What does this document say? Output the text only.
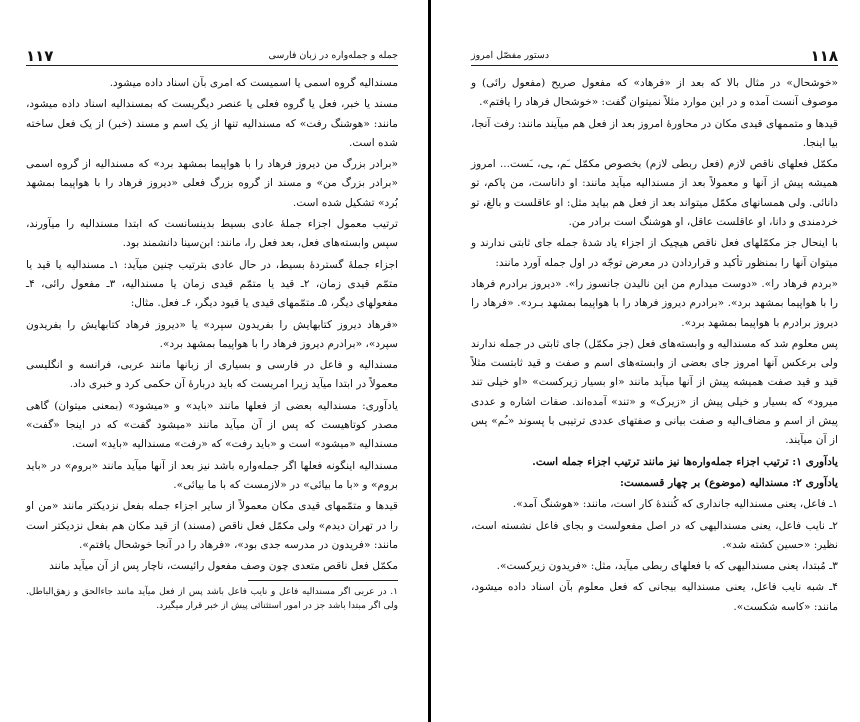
جمله و جمله‌واره در زبان فارسی
۱۱۷

مسندالیه گروه اسمی یا اسمیست که امری بآن اسناد داده میشود.

مسند یا خبر، فعل یا گروه فعلی یا عنصر دیگریست که بمسندالیه اسناد داده میشود، مانند: «هوشنگ رفت» که مسندالیه تنها از یک اسم و مسند (خبر) از یک فعل ساخته شده است.

«برادر بزرگ من دیروز فرهاد را با هواپیما بمشهد برد» که مسندالیه از گروه اسمی «برادر بزرگ من» و مسند از گروه بزرگ فعلی «دیروز فرهاد را با هواپیما بمشهد بُرد» تشکیل شده است.

ترتیب معمول اجزاء جملهٔ عادی بسیط بدینسانست که ابتدا مسندالیه را میآورند، سپس وابسته‌های فعل، بعد فعل را، مانند: ابن‌سینا دانشمند بود.

اجزاء جملهٔ گستردهٔ بسیط، در حال عادی بترتیب چنین میآید: ۱ـ مسندالیه یا قید یا متمّم قیدی زمان، ۲ـ قید یا متمّم قیدی زمان یا مسندالیه، ۳ـ مفعول رائی، ۴ـ مفعولهای دیگر، ۵ـ متمّمهای قیدی یا قیود دیگر، ۶ـ فعل. مثال:

«فرهاد دیروز کتابهایش را بفریدون سپرد» یا «دیروز فرهاد کتابهایش را بفریدون سپرد»، «برادرم دیروز فرهاد را با هواپیما بمشهد برد».

مسندالیه و فاعل در فارسی و بسیاری از زبانها مانند عربی، فرانسه و انگلیسی معمولاً در ابتدا میآید زیرا امریست که باید دربارهٔ آن حکمی کرد و خبری داد.

یادآوری: مسندالیه بعضی از فعلها مانند «باید» و «میشود» (بمعنی میتوان) گاهی مصدر کوتاهیست که پس از آن میآید مانند «میشود گفت» که در اینجا «گفت» مسندالیه «میشود» است و «باید رفت» که «رفت» مسندالیه «باید» است.

مسندالیه اینگونه فعلها اگر جمله‌واره باشد نیز بعد از آنها میآید مانند «بروم» در «باید بروم» و «با ما بیائی» در «لازمست که با ما بیائی».

قیدها و متمّمهای قیدی مکان معمولاً از سایر اجزاء جمله بفعل نزدیکتر مانند «من او را در تهران دیدم» ولی مکمّل فعل ناقص (مسند) از قید مکان هم بفعل نزدیکتر است مانند: «فریدون در مدرسه جدی بود»، «فرهاد را در آنجا خوشحال یافتم».

مکمّل فعل ناقص متعدی چون وصف مفعول رائیست، ناچار پس از آن میآید مانند

۱. در عربی اگر مسندالیه فاعل و نایب فاعل باشد پس از فعل میآید مانند جاءالحق و زهق‌الباطل. ولی اگر مبتدا باشد جز در امور استثنائی پیش از خبر قرار میگیرد.
۱۱۸
دستور مفصّل امروز

«خوشحال» در مثال بالا که بعد از «فرهاد» که مفعول صریح (مفعول رائی) و موصوف آنست آمده و در این موارد مثلاً نمیتوان گفت: «خوشحال فرهاد را یافتم».

قیدها و متممهای قیدی مکان در محاورهٔ امروز بعد از فعل هم میآیند مانند: رفت آنجا، بیا اینجا.

مکمّل فعلهای ناقص لازم (فعل ربطی لازم) بخصوص مکمّل ـَم، ـِی، ـَست... امروز همیشه پیش از آنها و معمولاً بعد از مسندالیه میآید مانند: او داناست، من پاکم، تو دانائی. ولی همسانهای مکمّل میتواند بعد از فعل هم بیاید مثل: او عاقلست و بالغ، تو خردمندی و دانا، او عاقلست عاقل، او هوشنگ است برادر من.

با اینحال جز مکمّلهای فعل ناقص هیچیک از اجزاء یاد شدهٔ جمله جای ثابتی ندارند و میتوان آنها را بمنظور تأکید و قراردادن در معرض توجّه در اول جمله آورد مانند:

«بردم فرهاد را». «دوست میدارم من این نالیدن جانسوز را». «دیروز برادرم فرهاد را با هواپیما بمشهد برد». «برادرم دیروز فرهاد را با هواپیما بمشهد بـرد». «فرهاد را دیروز برادرم با هواپیما بمشهد برد».

پس معلوم شد که مسندالیه و وابسته‌های فعل (جز مکمّل) جای ثابتی در جمله ندارند ولی برعکس آنها امروز جای بعضی از وابسته‌های اسم و صفت و قید ثابتست مثلاً قید و قید صفت همیشه پیش از آنها میآید مانند «او بسیار زیرکست» «او خیلی تند میرود» که بسیار و خیلی پیش از «زیرک» و «تند» آمده‌اند. صفات اشاره و عددی پیش از اسم و مضاف‌الیه و صفت بیانی و صفتهای عددی ترتیبی با پسوند «ـُم» پس از آن میآیند.

یادآوری ۱: ترتیب اجزاء جمله‌واره‌ها نیز مانند ترتیب اجزاء جمله است.

یادآوری ۲: مسندالیه (موضوع) بر چهار قسمست:

۱ـ فاعل، یعنی مسندالیه جانداری که کُنندهٔ کار است، مانند: «هوشنگ آمد».

۲ـ نایب فاعل، یعنی مسندالیهی که در اصل مفعولست و بجای فاعل نشسته است، نظیر: «حسین کشته شد».

۳ـ مُبتدا، یعنی مسندالیهی که با فعلهای ربطی میآید، مثل: «فریدون زیرکست».

۴ـ شبه نایب فاعل، یعنی مسندالیه بیجانی که فعل معلوم بآن اسناد داده میشود، مانند: «کاسه شکست».
